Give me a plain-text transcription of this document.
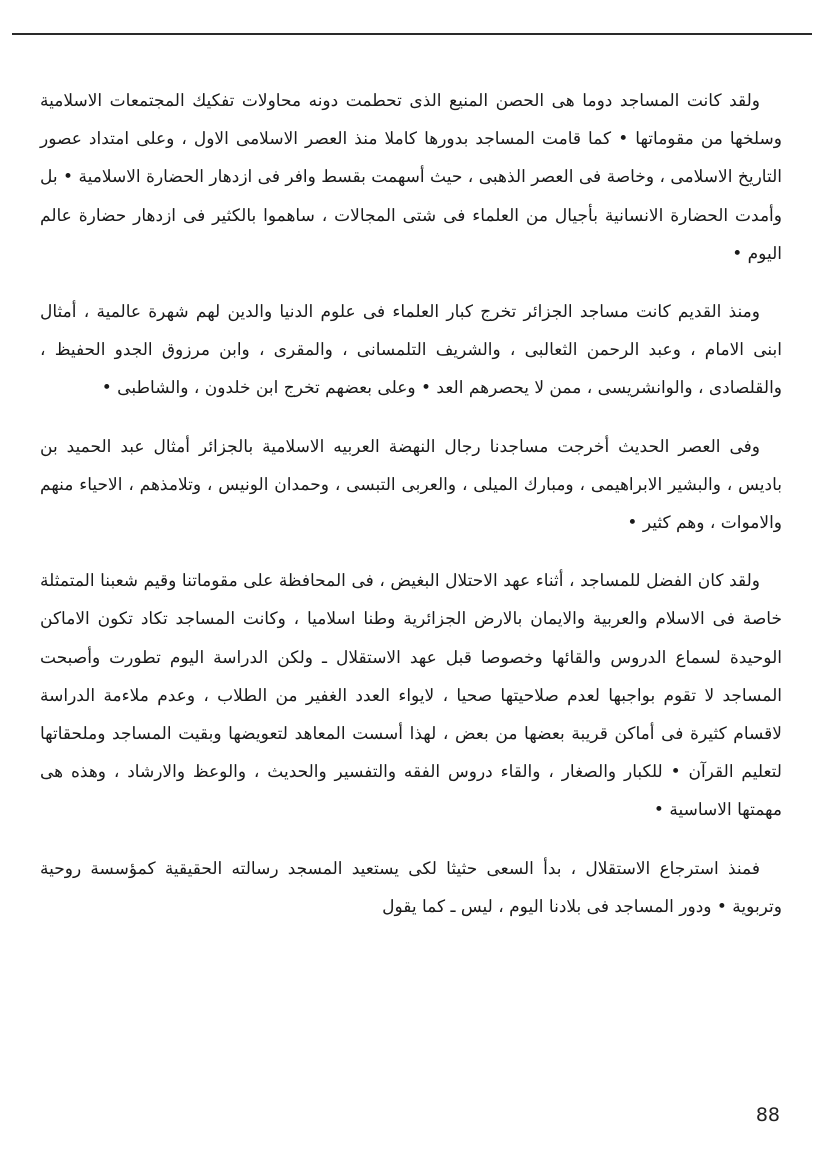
ولقد كانت المساجد دوما هى الحصن المنيع الذى تحطمت دونه محاولات تفكيك المجتمعات الاسلامية وسلخها من مقوماتها • كما قامت المساجد بدورها كاملا منذ العصر الاسلامى الاول ، وعلى امتداد عصور التاريخ الاسلامى ، وخاصة فى العصر الذهبى ، حيث أسهمت بقسط وافر فى ازدهار الحضارة الاسلامية • بل وأمدت الحضارة الانسانية بأجيال من العلماء فى شتى المجالات ، ساهموا بالكثير فى ازدهار حضارة عالم اليوم •

ومنذ القديم كانت مساجد الجزائر تخرج كبار العلماء فى علوم الدنيا والدين لهم شهرة عالمية ، أمثال ابنى الامام ، وعبد الرحمن الثعالبى ، والشريف التلمسانى ، والمقرى ، وابن مرزوق الجدو الحفيظ ، والقلصادى ، والوانشريسى ، ممن لا يحصرهم العد • وعلى بعضهم تخرج ابن خلدون ، والشاطبى •

وفى العصر الحديث أخرجت مساجدنا رجال النهضة العربيه الاسلامية بالجزائر أمثال عبد الحميد بن باديس ، والبشير الابراهيمى ، ومبارك الميلى ، والعربى التبسى ، وحمدان الونيس ، وتلامذهم ، الاحياء منهم والاموات ، وهم كثير •

ولقد كان الفضل للمساجد ، أثناء عهد الاحتلال البغيض ، فى المحافظة على مقوماتنا وقيم شعبنا المتمثلة خاصة فى الاسلام والعربية والايمان بالارض الجزائرية وطنا اسلاميا ، وكانت المساجد تكاد تكون الاماكن الوحيدة لسماع الدروس والقائها وخصوصا قبل عهد الاستقلال ـ ولكن الدراسة اليوم تطورت وأصبحت المساجد لا تقوم بواجبها لعدم صلاحيتها صحيا ، لايواء العدد الغفير من الطلاب ، وعدم ملاءمة الدراسة لاقسام كثيرة فى أماكن قريبة بعضها من بعض ، لهذا أسست المعاهد لتعويضها وبقيت المساجد وملحقاتها لتعليم القرآن • للكبار والصغار ، والقاء دروس الفقه والتفسير والحديث ، والوعظ والارشاد ، وهذه هى مهمتها الاساسية •

فمنذ استرجاع الاستقلال ، بدأ السعى حثيثا لكى يستعيد المسجد رسالته الحقيقية كمؤسسة روحية وتربوية • ودور المساجد فى بلادنا اليوم ، ليس ـ كما يقول

88
